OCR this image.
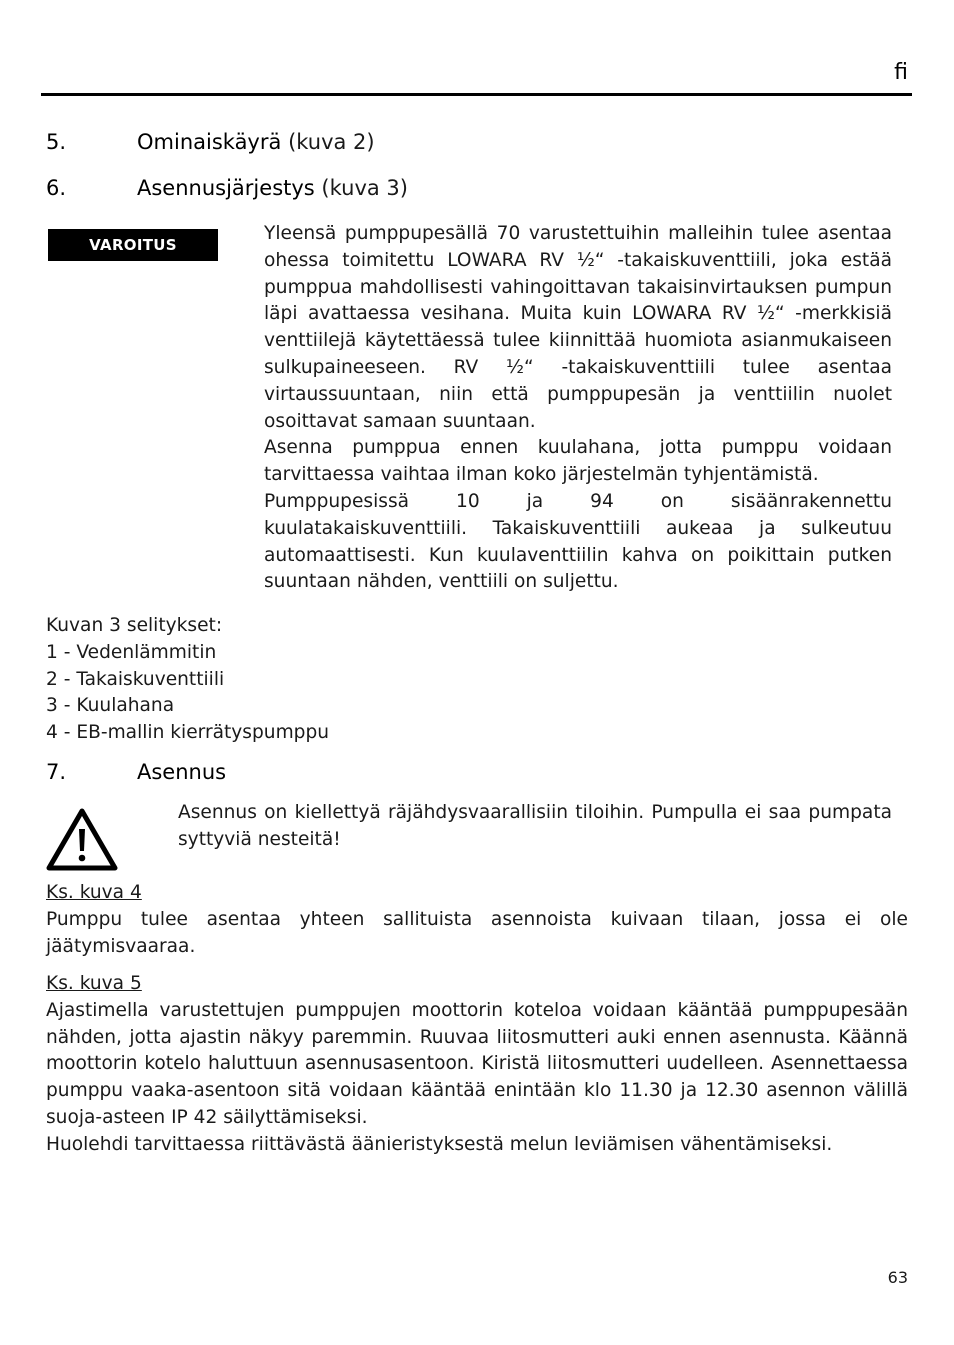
fi
5.	Ominaiskäyrä (kuva 2)
6.	Asennusjärjestys (kuva 3)
VAROITUS

Yleensä pumppupesällä 70 varustettuihin malleihin tulee asentaa ohessa toimitettu LOWARA RV ½“ -takaiskuventtiili, joka estää pumppua mahdollisesti vahingoittavan takaisinvirtauksen pumpun läpi avattaessa vesihana. Muita kuin LOWARA RV ½“ -merkkisiä venttiilejä käytettäessä tulee kiinnittää huomiota asianmukaiseen sulkupaineeseen. RV ½“ -takaiskuventtiili tulee asentaa virtaussuuntaan, niin että pumppupesän ja venttiilin nuolet osoittavat samaan suuntaan.

Asenna pumppua ennen kuulahana, jotta pumppu voidaan tarvittaessa vaihtaa ilman koko järjestelmän tyhjentämistä.

Pumppupesissä 10 ja 94 on sisäänrakennettu kuulatakaiskuventtiili. Takaiskuventtiili aukeaa ja sulkeutuu automaattisesti. Kun kuulaventtiilin kahva on poikittain putken suuntaan nähden, venttiili on suljettu.

Kuvan 3 selitykset:
1 - Vedenlämmitin
2 - Takaiskuventtiili
3 - Kuulahana
4 - EB-mallin kierrätyspumppu
7.	Asennus
Asennus on kiellettyä räjähdysvaarallisiin tiloihin. Pumpulla ei saa pumpata syttyviä nesteitä!

Ks. kuva 4

Pumppu tulee asentaa yhteen sallituista asennoista kuivaan tilaan, jossa ei ole jäätymisvaaraa.

Ks. kuva 5

Ajastimella varustettujen pumppujen moottorin koteloa voidaan kääntää pumppupesään nähden, jotta ajastin näkyy paremmin. Ruuvaa liitosmutteri auki ennen asennusta. Käännä moottorin kotelo haluttuun asennusasentoon. Kiristä liitosmutteri uudelleen. Asennettaessa pumppu vaaka-asentoon sitä voidaan kääntää enintään klo 11.30 ja 12.30 asennon välillä suoja-asteen IP 42 säilyttämiseksi.

Huolehdi tarvittaessa riittävästä äänieristyksestä melun leviämisen vähentämiseksi.

63
